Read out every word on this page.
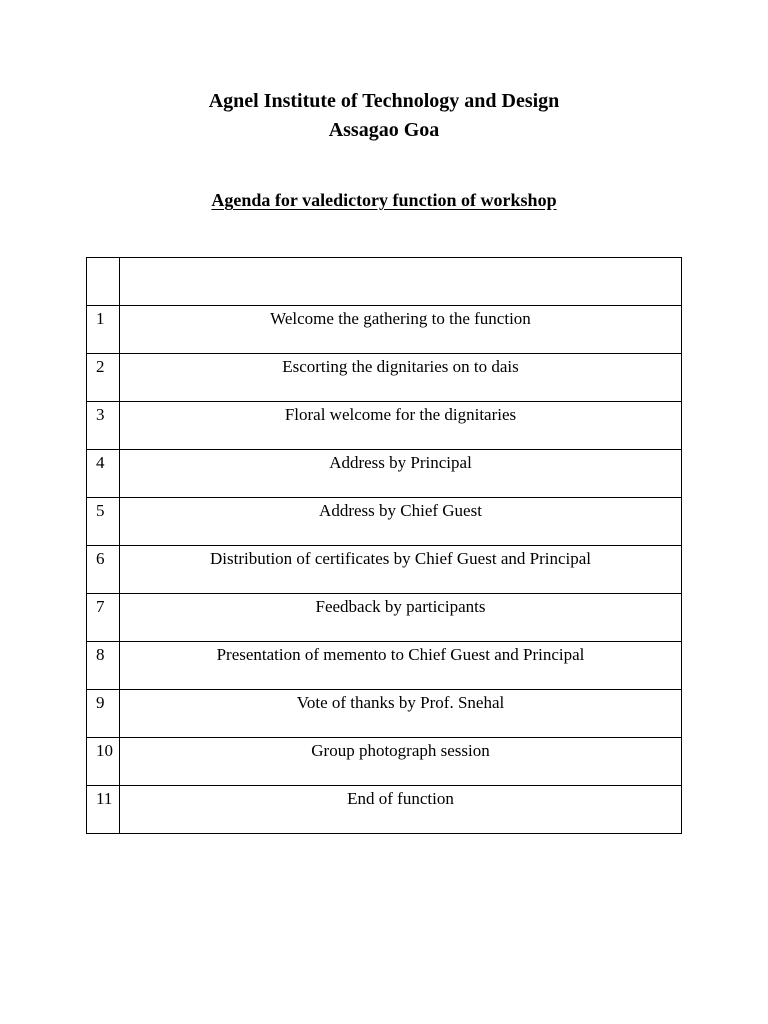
Agnel Institute of Technology and Design
Assagao Goa
Agenda for valedictory function of workshop

1	Welcome the gathering to the function
2	Escorting the dignitaries on to dais
3	Floral welcome for the dignitaries
4	Address by Principal
5	Address by Chief Guest
6	Distribution of certificates by Chief Guest and Principal
7	Feedback by participants
8	Presentation of memento to Chief Guest and Principal
9	Vote of thanks by Prof. Snehal
10	Group photograph session
11	End of function
